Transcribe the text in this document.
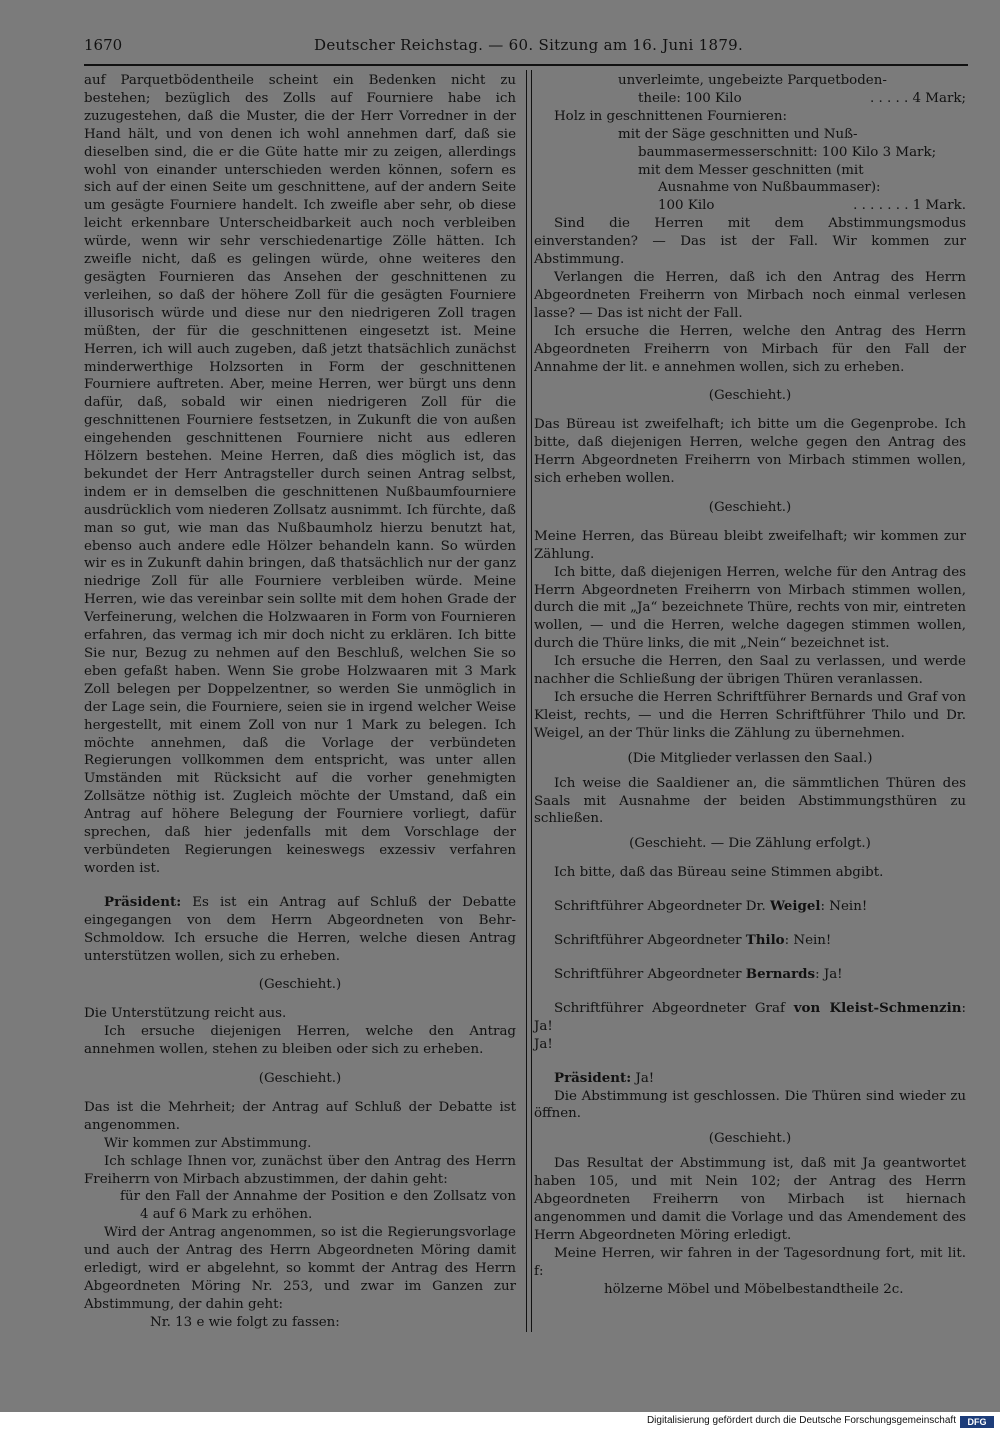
1670	Deutscher Reichstag. — 60. Sitzung am 16. Juni 1879.

auf Parquetbödentheile scheint ein Bedenken nicht zu bestehen; bezüglich des Zolls auf Fourniere habe ich zuzugestehen, daß die Muster, die der Herr Vorredner in der Hand hält, und von denen ich wohl annehmen darf, daß sie dieselben sind, die er die Güte hatte mir zu zeigen, allerdings wohl von einander unterschieden werden können, sofern es sich auf der einen Seite um geschnittene, auf der andern Seite um gesägte Fourniere handelt. Ich zweifle aber sehr, ob diese leicht erkennbare Unterscheidbarkeit auch noch verbleiben würde, wenn wir sehr verschiedenartige Zölle hätten. Ich zweifle nicht, daß es gelingen würde, ohne weiteres den gesägten Fournieren das Ansehen der geschnittenen zu verleihen, so daß der höhere Zoll für die gesägten Fourniere illusorisch würde und diese nur den niedrigeren Zoll tragen müßten, der für die geschnittenen eingesetzt ist. Meine Herren, ich will auch zugeben, daß jetzt thatsächlich zunächst minderwerthige Holzsorten in Form der geschnittenen Fourniere auftreten. Aber, meine Herren, wer bürgt uns denn dafür, daß, sobald wir einen niedrigeren Zoll für die geschnittenen Fourniere festsetzen, in Zukunft die von außen eingehenden geschnittenen Fourniere nicht aus edleren Hölzern bestehen. Meine Herren, daß dies möglich ist, das bekundet der Herr Antragsteller durch seinen Antrag selbst, indem er in demselben die geschnittenen Nußbaumfourniere ausdrücklich vom niederen Zollsatz ausnimmt. Ich fürchte, daß man so gut, wie man das Nußbaumholz hierzu benutzt hat, ebenso auch andere edle Hölzer behandeln kann. So würden wir es in Zukunft dahin bringen, daß thatsächlich nur der ganz niedrige Zoll für alle Fourniere verbleiben würde. Meine Herren, wie das vereinbar sein sollte mit dem hohen Grade der Verfeinerung, welchen die Holzwaaren in Form von Fournieren erfahren, das vermag ich mir doch nicht zu erklären. Ich bitte Sie nur, Bezug zu nehmen auf den Beschluß, welchen Sie so eben gefaßt haben. Wenn Sie grobe Holzwaaren mit 3 Mark Zoll belegen per Doppelzentner, so werden Sie unmöglich in der Lage sein, die Fourniere, seien sie in irgend welcher Weise hergestellt, mit einem Zoll von nur 1 Mark zu belegen. Ich möchte annehmen, daß die Vorlage der verbündeten Regierungen vollkommen dem entspricht, was unter allen Umständen mit Rücksicht auf die vorher genehmigten Zollsätze nöthig ist. Zugleich möchte der Umstand, daß ein Antrag auf höhere Belegung der Fourniere vorliegt, dafür sprechen, daß hier jedenfalls mit dem Vorschlage der verbündeten Regierungen keineswegs exzessiv verfahren worden ist.

Präsident: Es ist ein Antrag auf Schluß der Debatte eingegangen von dem Herrn Abgeordneten von Behr-Schmoldow. Ich ersuche die Herren, welche diesen Antrag unterstützen wollen, sich zu erheben.

(Geschieht.)

Die Unterstützung reicht aus.

Ich ersuche diejenigen Herren, welche den Antrag annehmen wollen, stehen zu bleiben oder sich zu erheben.

(Geschieht.)

Das ist die Mehrheit; der Antrag auf Schluß der Debatte ist angenommen.

Wir kommen zur Abstimmung.

Ich schlage Ihnen vor, zunächst über den Antrag des Herrn Freiherrn von Mirbach abzustimmen, der dahin geht:

für den Fall der Annahme der Position e den Zollsatz von 4 auf 6 Mark zu erhöhen.

Wird der Antrag angenommen, so ist die Regierungsvorlage und auch der Antrag des Herrn Abgeordneten Möring damit erledigt, wird er abgelehnt, so kommt der Antrag des Herrn Abgeordneten Möring Nr. 253, und zwar im Ganzen zur Abstimmung, der dahin geht:

Nr. 13 e wie folgt zu fassen:

unverleimte, ungebeizte Parquetboden-

theile: 100 Kilo	. . . . . 4 Mark;

Holz in geschnittenen Fournieren:

mit der Säge geschnitten und Nuß-

baummasermesserschnitt: 100 Kilo 3 Mark;

mit dem Messer geschnitten (mit

Ausnahme von Nußbaummaser):

100 Kilo	. . . . . . . 1 Mark.

Sind die Herren mit dem Abstimmungsmodus einverstanden? — Das ist der Fall. Wir kommen zur Abstimmung.

Verlangen die Herren, daß ich den Antrag des Herrn Abgeordneten Freiherrn von Mirbach noch einmal verlesen lasse? — Das ist nicht der Fall.

Ich ersuche die Herren, welche den Antrag des Herrn Abgeordneten Freiherrn von Mirbach für den Fall der Annahme der lit. e annehmen wollen, sich zu erheben.

(Geschieht.)

Das Büreau ist zweifelhaft; ich bitte um die Gegenprobe. Ich bitte, daß diejenigen Herren, welche gegen den Antrag des Herrn Abgeordneten Freiherrn von Mirbach stimmen wollen, sich erheben wollen.

(Geschieht.)

Meine Herren, das Büreau bleibt zweifelhaft; wir kommen zur Zählung.

Ich bitte, daß diejenigen Herren, welche für den Antrag des Herrn Abgeordneten Freiherrn von Mirbach stimmen wollen, durch die mit „Ja“ bezeichnete Thüre, rechts von mir, eintreten wollen, — und die Herren, welche dagegen stimmen wollen, durch die Thüre links, die mit „Nein“ bezeichnet ist.

Ich ersuche die Herren, den Saal zu verlassen, und werde nachher die Schließung der übrigen Thüren veranlassen.

Ich ersuche die Herren Schriftführer Bernards und Graf von Kleist, rechts, — und die Herren Schriftführer Thilo und Dr. Weigel, an der Thür links die Zählung zu übernehmen.

(Die Mitglieder verlassen den Saal.)

Ich weise die Saaldiener an, die sämmtlichen Thüren des Saals mit Ausnahme der beiden Abstimmungsthüren zu schließen.

(Geschieht. — Die Zählung erfolgt.)

Ich bitte, daß das Büreau seine Stimmen abgibt.

Schriftführer Abgeordneter Dr. Weigel: Nein!

Schriftführer Abgeordneter Thilo: Nein!

Schriftführer Abgeordneter Bernards: Ja!

Schriftführer Abgeordneter Graf von Kleist-Schmenzin: Ja!

Ja!

Präsident: Ja!

Die Abstimmung ist geschlossen. Die Thüren sind wieder zu öffnen.

(Geschieht.)

Das Resultat der Abstimmung ist, daß mit Ja geantwortet haben 105, und mit Nein 102; der Antrag des Herrn Abgeordneten Freiherrn von Mirbach ist hiernach angenommen und damit die Vorlage und das Amendement des Herrn Abgeordneten Möring erledigt.

Meine Herren, wir fahren in der Tagesordnung fort, mit lit. f:

hölzerne Möbel und Möbelbestandtheile 2c.

Digitalisierung gefördert durch die Deutsche Forschungsgemeinschaft	DFG
